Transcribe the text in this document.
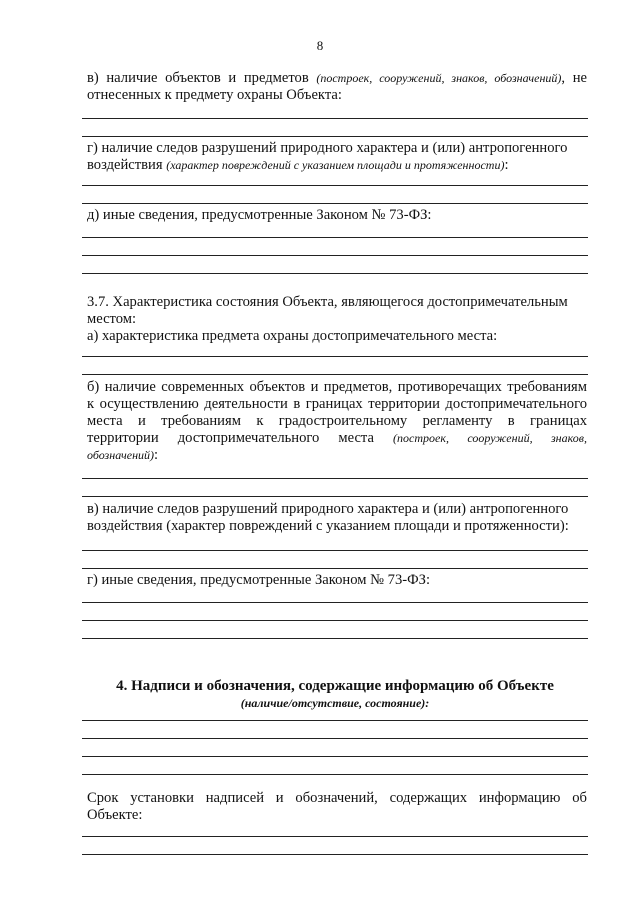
8

в) наличие объектов и предметов (построек, сооружений, знаков, обозначений), не

отнесенных к предмету охраны Объекта:

г) наличие следов разрушений природного характера и (или) антропогенного

воздействия (характер повреждений с указанием площади и протяженности):

д) иные сведения, предусмотренные Законом № 73-ФЗ:

3.7. Характеристика состояния Объекта, являющегося достопримечательным

местом:

а) характеристика предмета охраны достопримечательного места:

б) наличие современных объектов и предметов, противоречащих требованиям

к осуществлению деятельности в границах территории достопримечательного

места и требованиям к градостроительному регламенту в границах

территории достопримечательного места (построек, сооружений, знаков,

обозначений):

в) наличие следов разрушений природного характера и (или) антропогенного

воздействия (характер повреждений с указанием площади и протяженности):

г) иные сведения, предусмотренные Законом № 73-ФЗ:

4. Надписи и обозначения, содержащие информацию об Объекте

(наличие/отсутствие, состояние):

Срок установки надписей и обозначений, содержащих информацию об

Объекте:
